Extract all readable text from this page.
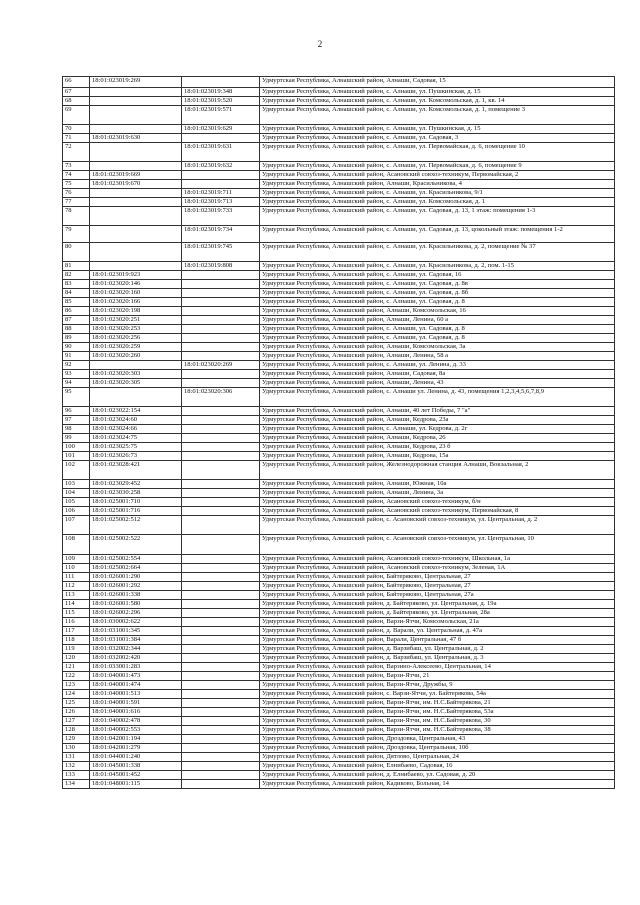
2
66	18:01:023019:269		Удмуртская Республика, Алнашский район, Алнаши, Садовая, 15
67		18:01:023019:348	Удмуртская Республика, Алнашский район, с. Алнаши, ул. Пушкинская, д. 15
68		18:01:023019:520	Удмуртская Республика, Алнашский район, с. Алнаши, ул. Комсомольская, д. 1, кв. 14
69		18:01:023019:571	Удмуртская Республика, Алнашский район, с. Алнаши, ул. Комсомольская, д. 1, помещение 3
70		18:01:023019:629	Удмуртская Республика, Алнашский район, с. Алнаши, ул. Пушкинская, д. 15
71	18:01:023019:630		Удмуртская Республика, Алнашский район, с. Алнаши, ул. Садовая, 3
72		18:01:023019:631	Удмуртская Республика, Алнашский район, с. Алнаши, ул. Первомайская, д. 6, помещение 10
73		18:01:023019:632	Удмуртская Республика, Алнашский район, с. Алнаши, ул. Первомайская, д. 6, помещение 9
74	18:01:023019:669		Удмуртская Республика, Алнашский район, Асановский совхоз-техникум, Первомайская, 2
75	18:01:023019:670		Удмуртская Республика, Алнашский район, Алнаши, Красильникова, 4
76		18:01:023019:711	Удмуртская Республика, Алнашский район, с. Алнаши, ул. Красильникова, 9/1
77		18:01:023019:713	Удмуртская Республика, Алнашский район, с. Алнаши, ул. Комсомольская, д. 1
78		18:01:023019:733	Удмуртская Республика, Алнашский район, с. Алнаши, ул. Садовая, д. 13, 1 этаж: помещения 1-3
79		18:01:023019:734	Удмуртская Республика, Алнашский район, с. Алнаши, ул. Садовая, д. 13, цокольный этаж: помещения 1-2
80		18:01:023019:745	Удмуртская Республика, Алнашский район, с. Алнаши, ул. Красильникова, д. 2, помещение № 37
81		18:01:023019:808	Удмуртская Республика, Алнашский район, с. Алнаши, ул. Красильникова, д. 2, пом. 1-15
82	18:01:023019:923		Удмуртская Республика, Алнашский район, с. Алнаши, ул. Садовая, 16
83	18:01:023020:146		Удмуртская Республика, Алнашский район, с. Алнаши, ул. Садовая, д. 8в
84	18:01:023020:160		Удмуртская Республика, Алнашский район, с. Алнаши, ул. Садовая, д. 8б
85	18:01:023020:166		Удмуртская Республика, Алнашский район, с. Алнаши, ул. Садовая, д. 8
86	18:01:023020:198		Удмуртская Республика, Алнашский район, Алнаши, Комсомольская, 16
87	18:01:023020:251		Удмуртская Республика, Алнашский район, Алнаши, Ленина, 60 а
88	18:01:023020:253		Удмуртская Республика, Алнашский район, с. Алнаши, ул. Садовая, д. 8
89	18:01:023020:256		Удмуртская Республика, Алнашский район, с. Алнаши, ул. Садовая, д. 8
90	18:01:023020:259		Удмуртская Республика, Алнашский район, Алнаши, Комсомольская, 3а
91	18:01:023020:260		Удмуртская Республика, Алнашский район, Алнаши, Ленина, 58 а
92		18:01:023020:269	Удмуртская Республика, Алнашский район, с. Алнаши, ул. Ленина, д. 33
93	18:01:023020:303		Удмуртская Республика, Алнашский район, Алнаши, Садовая, 8а
94	18:01:023020:305		Удмуртская Республика, Алнашский район, Алнаши, Ленина, 43
95		18:01:023020:306	Удмуртская Республика, Алнашский район, с. Алнаши ул. Ленина, д. 43, помещения 1,2,3,4,5,6,7,8,9
96	18:01:023022:154		Удмуртская Республика, Алнашский район, Алнаши, 40 лет Победы, 7 "а"
97	18:01:023024:60		Удмуртская Республика, Алнашский район, Алнаши, Кедрова, 23а
98	18:01:023024:66		Удмуртская Республика, Алнашский район, с. Алнаши, ул. Кедрова, д. 2г
99	18:01:023024:75		Удмуртская Республика, Алнашский район, Алнаши, Кедрова, 26
100	18:01:023025:75		Удмуртская Республика, Алнашский район, Алнаши, Кедрова, 23 б
101	18:01:023026:73		Удмуртская Республика, Алнашский район, Алнаши, Кедрова, 15а
102	18:01:023028:421		Удмуртская Республика, Алнашский район, Железнодорожная станция Алнаши, Вокзальная, 2
103	18:01:023029:452		Удмуртская Республика, Алнашский район, Алнаши, Южная, 10а
104	18:01:023030:258		Удмуртская Республика, Алнашский район, Алнаши, Ленина, 3а
105	18:01:025001:710		Удмуртская Республика, Алнашский район, Асановский совхоз-техникум, б/н
106	18:01:025001:716		Удмуртская Республика, Алнашский район, Асановский совхоз-техникум, Первомайская, 8
107	18:01:025002:512		Удмуртская Республика, Алнашский район, с. Асановский совхоз-техникум, ул. Центральная, д. 2
108	18:01:025002:522		Удмуртская Республика, Алнашский район, с. Асановский совхоз-техникум, ул. Центральная, 10
109	18:01:025002:554		Удмуртская Республика, Алнашский район, Асановский совхоз-техникум, Школьная, 1а
110	18:01:025002:664		Удмуртская Республика, Алнашский район, Асановский совхоз-техникум, Зеленая, 1А
111	18:01:026001:290		Удмуртская Республика, Алнашский район, Байтеряково, Центральная, 27
112	18:01:026001:292		Удмуртская Республика, Алнашский район, Байтеряково, Центральная, 27
113	18:01:026001:338		Удмуртская Республика, Алнашский район, Байтеряково, Центральная, 27а
114	18:01:026001:580		Удмуртская Республика, Алнашский район, д. Байтеряково, ул. Центральная, д. 19а
115	18:01:026002:296		Удмуртская Республика, Алнашский район, д. Байтеряково, ул. Центральная, 28а
116	18:01:030002:622		Удмуртская Республика, Алнашский район, Варзи-Ятчи, Комсомольская, 21а
117	18:01:031001:345		Удмуртская Республика, Алнашский район, д. Варали, ул. Центральная, д. 47а
118	18:01:031001:384		Удмуртская Республика, Алнашский район, Варали, Центральная, 47 б
119	18:01:032002:344		Удмуртская Республика, Алнашский район, д. Варзибаш, ул. Центральная, д. 2
120	18:01:032002:420		Удмуртская Республика, Алнашский район, д. Варзибаш, ул. Центральная, д. 3
121	18:01:033001:283		Удмуртская Республика, Алнашский район, Варзино-Алексеево, Центральная, 14
122	18:01:040001:473		Удмуртская Республика, Алнашский район, Варзи-Ятчи, 21
123	18:01:040001:474		Удмуртская Республика, Алнашский район, Варзи-Ятчи, Дружбы, 9
124	18:01:040001:513		Удмуртская Республика, Алнашский район, с. Варзи-Ятчи, ул. Байтерякова, 54а
125	18:01:040001:591		Удмуртская Республика, Алнашский район, Варзи-Ятчи, им. Н.С.Байтерякова, 21
126	18:01:040001:616		Удмуртская Республика, Алнашский район, Варзи-Ятчи, им. Н.С.Байтерякова, 53а
127	18:01:040002:478		Удмуртская Республика, Алнашский район, Варзи-Ятчи, им. Н.С.Байтерякова, 30
128	18:01:040002:553		Удмуртская Республика, Алнашский район, Варзи-Ятчи, им. Н.С.Байтерякова, 38
129	18:01:042001:194		Удмуртская Республика, Алнашский район, Дроздовка, Центральная, 43
130	18:01:042001:279		Удмуртская Республика, Алнашский район, Дроздовка, Центральная, 10б
131	18:01:044001:240		Удмуртская Республика, Алнашский район, Дятлово, Центральная, 24
132	18:01:045001:338		Удмуртская Республика, Алнашский район, Елнибаево, Садовая, 16
133	18:01:045001:452		Удмуртская Республика, Алнашский район, д. Елнибаево, ул. Садовая, д. 20
134	18:01:048001:115		Удмуртская Республика, Алнашский район, Кадиково, Больная, 14
